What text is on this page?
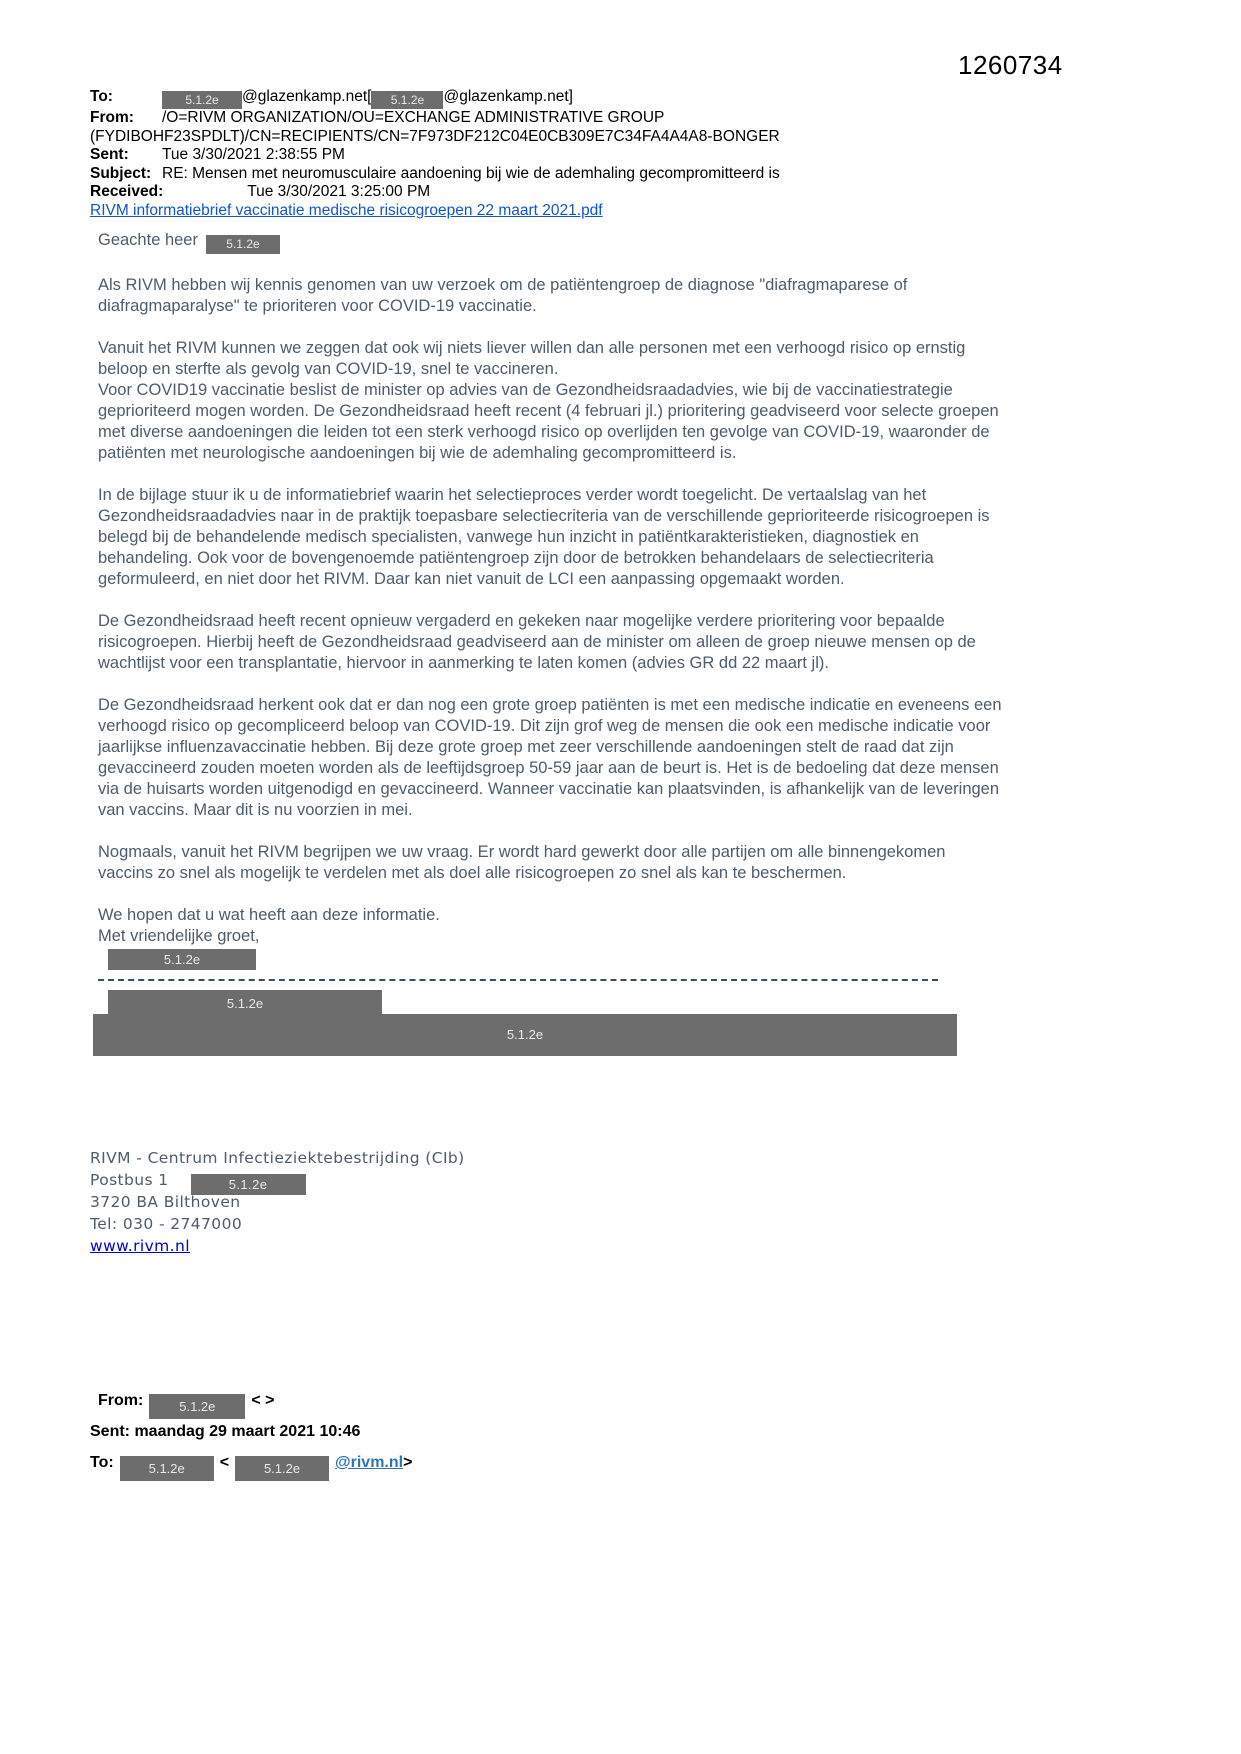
1260734
To:	5.1.2e @glazenkamp.net[ 5.1.2e @glazenkamp.net]
From: /O=RIVM ORGANIZATION/OU=EXCHANGE ADMINISTRATIVE GROUP
(FYDIBOHF23SPDLT)/CN=RECIPIENTS/CN=7F973DF212C04E0CB309E7C34FA4A4A8-BONGER
Sent: Tue 3/30/2021 2:38:55 PM
Subject: RE: Mensen met neuromusculaire aandoening bij wie de ademhaling gecompromitteerd is
Received:	Tue 3/30/2021 3:25:00 PM
RIVM informatiebrief vaccinatie medische risicogroepen 22 maart 2021.pdf
Geachte heer 5.1.2e

Als RIVM hebben wij kennis genomen van uw verzoek om de patiëntengroep de diagnose "diafragmaparese of diafragmaparalyse" te prioriteren voor COVID-19 vaccinatie.

Vanuit het RIVM kunnen we zeggen dat ook wij niets liever willen dan alle personen met een verhoogd risico op ernstig beloop en sterfte als gevolg van COVID-19, snel te vaccineren.
Voor COVID19 vaccinatie beslist de minister op advies van de Gezondheidsraadadvies, wie bij de vaccinatiestrategie geprioriteerd mogen worden. De Gezondheidsraad heeft recent (4 februari jl.) prioritering geadviseerd voor selecte groepen met diverse aandoeningen die leiden tot een sterk verhoogd risico op overlijden ten gevolge van COVID-19, waaronder de patiënten met neurologische aandoeningen bij wie de ademhaling gecompromitteerd is.

In de bijlage stuur ik u de informatiebrief waarin het selectieproces verder wordt toegelicht. De vertaalslag van het Gezondheidsraadadvies naar in de praktijk toepasbare selectiecriteria van de verschillende geprioriteerde risicogroepen is belegd bij de behandelende medisch specialisten, vanwege hun inzicht in patiëntkarakteristieken, diagnostiek en behandeling. Ook voor de bovengenoemde patiëntengroep zijn door de betrokken behandelaars de selectiecriteria geformuleerd, en niet door het RIVM. Daar kan niet vanuit de LCI een aanpassing opgemaakt worden.

De Gezondheidsraad heeft recent opnieuw vergaderd en gekeken naar mogelijke verdere prioritering voor bepaalde risicogroepen. Hierbij heeft de Gezondheidsraad geadviseerd aan de minister om alleen de groep nieuwe mensen op de wachtlijst voor een transplantatie, hiervoor in aanmerking te laten komen (advies GR dd 22 maart jl).

De Gezondheidsraad herkent ook dat er dan nog een grote groep patiënten is met een medische indicatie en eveneens een verhoogd risico op gecompliceerd beloop van COVID-19. Dit zijn grof weg de mensen die ook een medische indicatie voor jaarlijkse influenzavaccinatie hebben. Bij deze grote groep met zeer verschillende aandoeningen stelt de raad dat zijn gevaccineerd zouden moeten worden als de leeftijdsgroep 50-59 jaar aan de beurt is. Het is de bedoeling dat deze mensen via de huisarts worden uitgenodigd en gevaccineerd. Wanneer vaccinatie kan plaatsvinden, is afhankelijk van de leveringen van vaccins. Maar dit is nu voorzien in mei.

Nogmaals, vanuit het RIVM begrijpen we uw vraag. Er wordt hard gewerkt door alle partijen om alle binnengekomen vaccins zo snel als mogelijk te verdelen met als doel alle risicogroepen zo snel als kan te beschermen.

We hopen dat u wat heeft aan deze informatie.
Met vriendelijke groet,
5.1.2e
5.1.2e
5.1.2e
RIVM - Centrum Infectieziektebestrijding (CIb)
Postbus 1	5.1.2e
3720 BA Bilthoven
Tel: 030 - 2747000
www.rivm.nl
From:	5.1.2e < >
Sent: maandag 29 maart 2021 10:46
To:	5.1.2e <	5.1.2e @rivm.nl>
